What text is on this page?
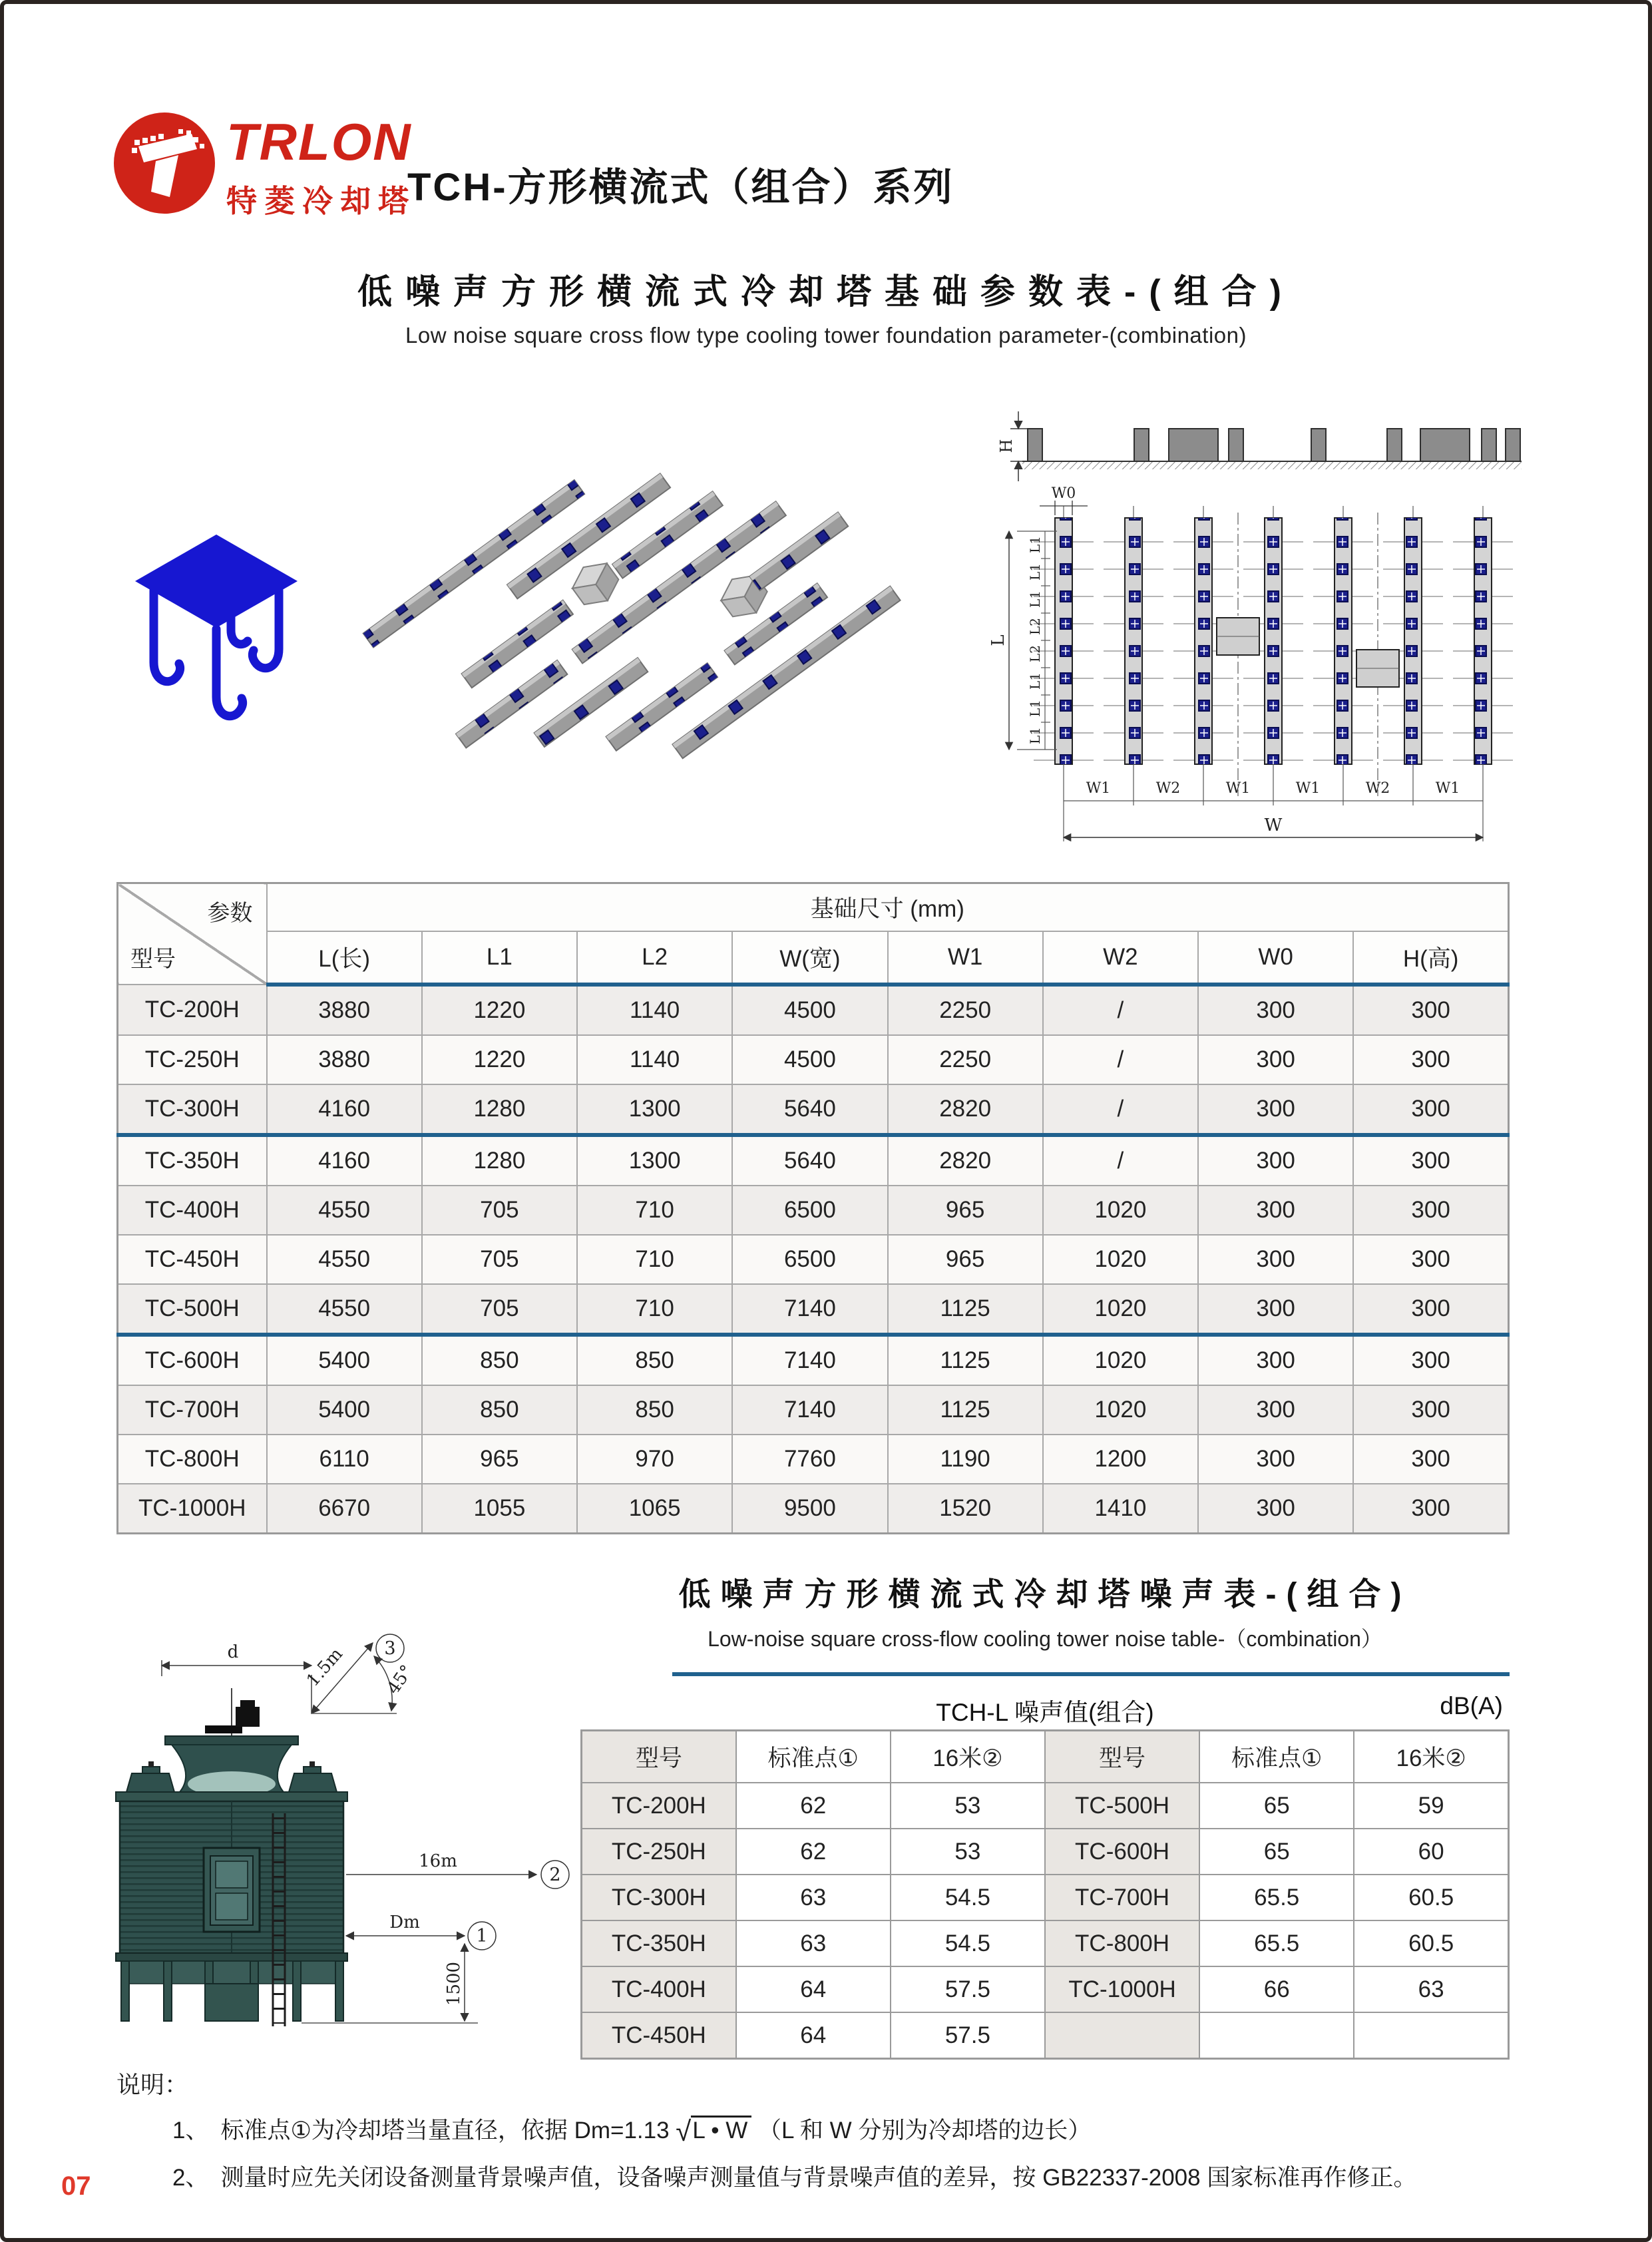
TRLON
特菱冷却塔
TCH-方形横流式（组合）系列
低噪声方形横流式冷却塔基础参数表-(组合)
Low noise square cross flow type cooling tower foundation parameter-(combination)
H
W0
L1
L1
L1
L2
L2
L1
L1
L1
L
W1	W2	W1	W1	W2	W1
W
参数
型号	基础尺寸 (mm)							
	L(长)	L1	L2	W(宽)	W1	W2	W0	H(高)
TC-200H	3880	1220	1140	4500	2250	/	300	300
TC-250H	3880	1220	1140	4500	2250	/	300	300
TC-300H	4160	1280	1300	5640	2820	/	300	300
TC-350H	4160	1280	1300	5640	2820	/	300	300
TC-400H	4550	705	710	6500	965	1020	300	300
TC-450H	4550	705	710	6500	965	1020	300	300
TC-500H	4550	705	710	7140	1125	1020	300	300
TC-600H	5400	850	850	7140	1125	1020	300	300
TC-700H	5400	850	850	7140	1125	1020	300	300
TC-800H	6110	965	970	7760	1190	1200	300	300
TC-1000H	6670	1055	1065	9500	1520	1410	300	300
低噪声方形横流式冷却塔噪声表-(组合)
Low-noise square cross-flow cooling tower noise table-（combination）
d	1.5m 45°
3
16m
2
Dm
1
1500
TCH-L 噪声值(组合)	dB(A)
型号	标准点①	16米②	型号	标准点①	16米②
TC-200H	62	53	TC-500H	65	59
TC-250H	62	53	TC-600H	65	60
TC-300H	63	54.5	TC-700H	65.5	60.5
TC-350H	63	54.5	TC-800H	65.5	60.5
TC-400H	64	57.5	TC-1000H	66	63
TC-450H	64	57.5			
说明：
1、 标准点①为冷却塔当量直径，依据 Dm=1.13 √L • W （L 和 W 分别为冷却塔的边长）
2、 测量时应先关闭设备测量背景噪声值，设备噪声测量值与背景噪声值的差异，按 GB22337-2008 国家标准再作修正。
07
